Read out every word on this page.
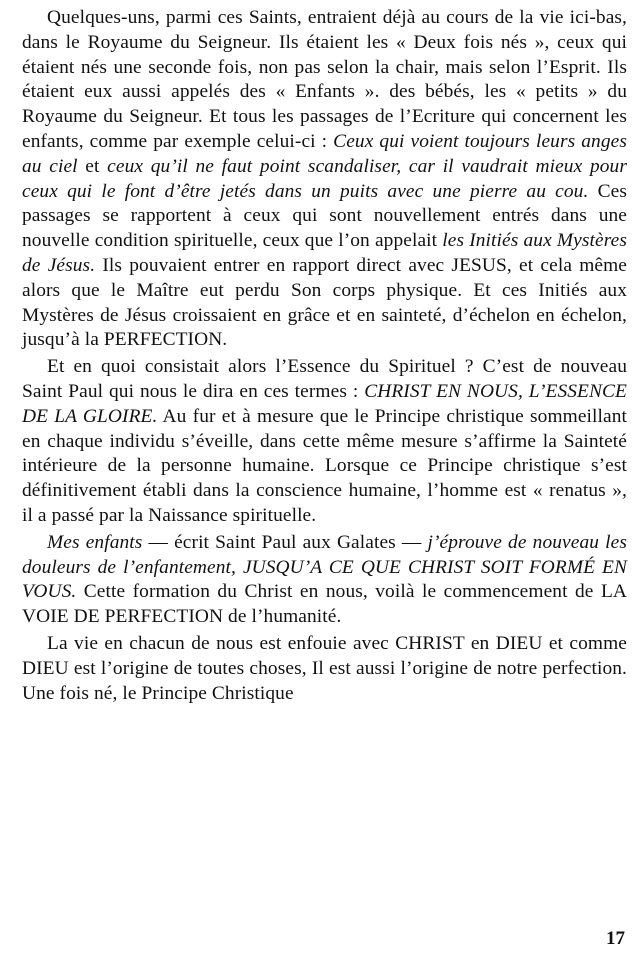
Quelques-uns, parmi ces Saints, entraient déjà au cours de la vie ici-bas, dans le Royaume du Seigneur. Ils étaient les « Deux fois nés », ceux qui étaient nés une seconde fois, non pas selon la chair, mais selon l’Esprit. Ils étaient eux aussi appelés des « Enfants ». des bébés, les « petits » du Royaume du Seigneur. Et tous les passages de l’Ecriture qui concernent les enfants, comme par exemple celui-ci : Ceux qui voient toujours leurs anges au ciel et ceux qu’il ne faut point scandaliser, car il vaudrait mieux pour ceux qui le font d’être jetés dans un puits avec une pierre au cou. Ces passages se rapportent à ceux qui sont nouvellement entrés dans une nouvelle condition spirituelle, ceux que l’on appelait les Initiés aux Mystères de Jésus. Ils pouvaient entrer en rapport direct avec JESUS, et cela même alors que le Maître eut perdu Son corps physique. Et ces Initiés aux Mystères de Jésus croissaient en grâce et en sainteté, d’échelon en échelon, jusqu’à la PERFECTION.

Et en quoi consistait alors l’Essence du Spirituel ? C’est de nouveau Saint Paul qui nous le dira en ces termes : CHRIST EN NOUS, L’ESSENCE DE LA GLOIRE. Au fur et à mesure que le Principe christique sommeillant en chaque individu s’éveille, dans cette même mesure s’affirme la Sainteté intérieure de la personne humaine. Lorsque ce Principe christique s’est définitivement établi dans la conscience humaine, l’homme est « renatus », il a passé par la Naissance spirituelle.

Mes enfants — écrit Saint Paul aux Galates — j’éprouve de nouveau les douleurs de l’enfantement, JUSQU’A CE QUE CHRIST SOIT FORMÉ EN VOUS. Cette formation du Christ en nous, voilà le commencement de LA VOIE DE PERFECTION de l’humanité.

La vie en chacun de nous est enfouie avec CHRIST en DIEU et comme DIEU est l’origine de toutes choses, Il est aussi l’origine de notre perfection. Une fois né, le Principe Christique

17
